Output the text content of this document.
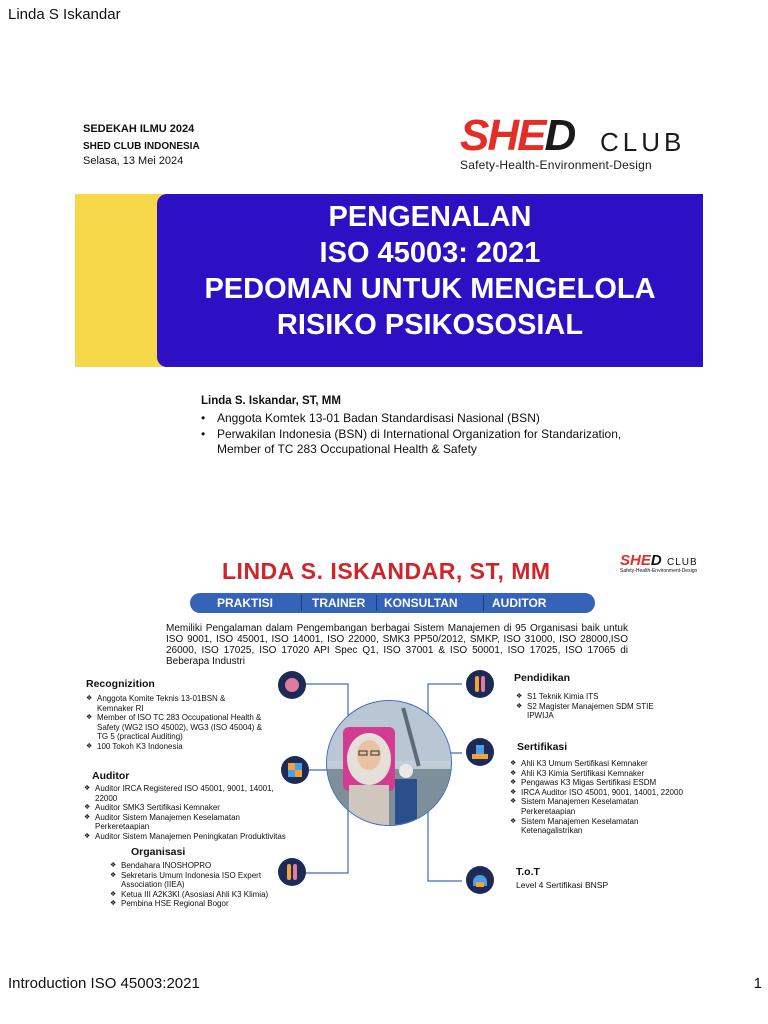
Linda S Iskandar
Introduction ISO 45003:2021	1
SEDEKAH ILMU 2024
SHED CLUB INDONESIA
Selasa, 13 Mei 2024
SHED CLUB
Safety-Health-Environment-Design
PENGENALAN
ISO 45003: 2021
PEDOMAN UNTUK MENGELOLA
RISIKO PSIKOSOSIAL
Linda S. Iskandar, ST, MM
• Anggota Komtek 13-01 Badan Standardisasi Nasional (BSN)
• Perwakilan Indonesia (BSN) di International Organization for Standarization,
Member of TC 283 Occupational Health & Safety
LINDA S. ISKANDAR, ST, MM	SHED CLUB
Safety-Health-Environment-Design
PRAKTISI	TRAINER KONSULTAN	AUDITOR
Memiliki Pengalaman dalam Pengembangan berbagai Sistem Manajemen di 95 Organisasi baik untuk ISO 9001, ISO 45001, ISO 14001, ISO 22000, SMK3 PP50/2012, SMKP, ISO 31000, ISO 28000,ISO 26000, ISO 17025, ISO 17020 API Spec Q1, ISO 37001 & ISO 50001, ISO 17025, ISO 17065 di Beberapa Industri
Recognizition
❖ Anggota Komite Teknis 13-01BSN & Kemnaker RI
❖ Member of ISO TC 283 Occupational Health & Safety (WG2 ISO 45002), WG3 (ISO 45004) & TG 5 (practical Auditing)
❖ 100 Tokoh K3 Indonesia
Auditor
❖ Auditor IRCA Registered ISO 45001, 9001, 14001, 22000
❖ Auditor SMK3 Sertifikasi Kemnaker
❖ Auditor Sistem Manajemen Keselamatan Perkeretaapian
❖ Auditor Sistem Manajemen Peningkatan Produktivitas
Organisasi
❖ Bendahara INOSHOPRO
❖ Sekretaris Umum Indonesia ISO Expert Association (IIEA)
❖ Ketua III A2K3KI (Asosiasi Ahli K3 Klimia)
❖ Pembina HSE Regional Bogor
Pendidikan
❖ S1 Teknik Kimia ITS
❖ S2 Magister Manajemen SDM STIE IPWIJA
Sertifikasi
❖ Ahli K3 Umum Sertifikasi Kemnaker
❖ Ahli K3 Kimia Sertifikasi Kemnaker
❖ Pengawas K3 Migas Sertifikasi ESDM
❖ IRCA Auditor ISO 45001, 9001, 14001, 22000
❖ Sistem Manajemen Keselamatan Perkeretaapian
❖ Sistem Manajemen Keselamatan Ketenagalistrikan
T.o.T
Level 4 Sertifikasi BNSP
